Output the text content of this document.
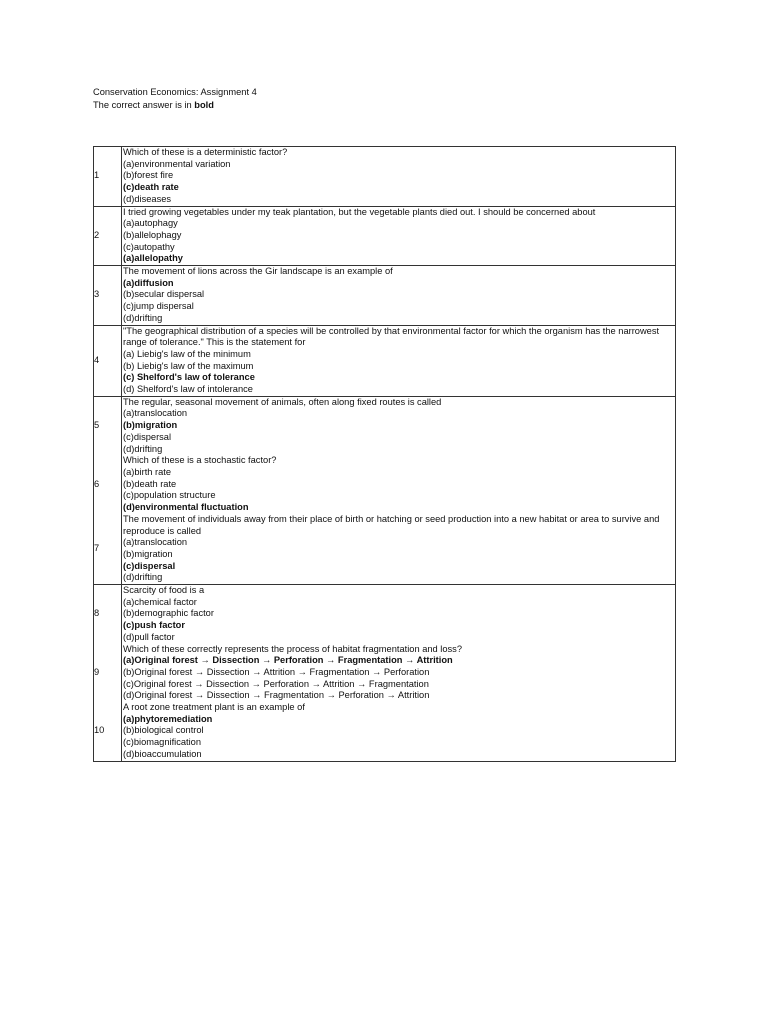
Conservation Economics: Assignment 4
The correct answer is in bold
1	Which of these is a deterministic factor?
(a)environmental variation
(b)forest fire
(c)death rate
(d)diseases

2	I tried growing vegetables under my teak plantation, but the vegetable plants died out. I should be concerned about
(a)autophagy
(b)allelophagy
(c)autopathy
(a)allelopathy

3	The movement of lions across the Gir landscape is an example of
(a)diffusion
(b)secular dispersal
(c)jump dispersal
(d)drifting

4	"The geographical distribution of a species will be controlled by that environmental factor for which the organism has the narrowest range of tolerance." This is the statement for
(a) Liebig's law of the minimum
(b) Liebig's law of the maximum
(c) Shelford's law of tolerance
(d) Shelford's law of intolerance

5	The regular, seasonal movement of animals, often along fixed routes is called
(a)translocation
(b)migration
(c)dispersal
(d)drifting

6	Which of these is a stochastic factor?
(a)birth rate
(b)death rate
(c)population structure
(d)environmental fluctuation

7	The movement of individuals away from their place of birth or hatching or seed production into a new habitat or area to survive and reproduce is called
(a)translocation
(b)migration
(c)dispersal
(d)drifting

8	Scarcity of food is a
(a)chemical factor
(b)demographic factor
(c)push factor
(d)pull factor

9	Which of these correctly represents the process of habitat fragmentation and loss?
(a)Original forest → Dissection → Perforation → Fragmentation → Attrition
(b)Original forest → Dissection → Attrition → Fragmentation → Perforation
(c)Original forest → Dissection → Perforation → Attrition → Fragmentation
(d)Original forest → Dissection → Fragmentation → Perforation → Attrition

10	A root zone treatment plant is an example of
(a)phytoremediation
(b)biological control
(c)biomagnification
(d)bioaccumulation
